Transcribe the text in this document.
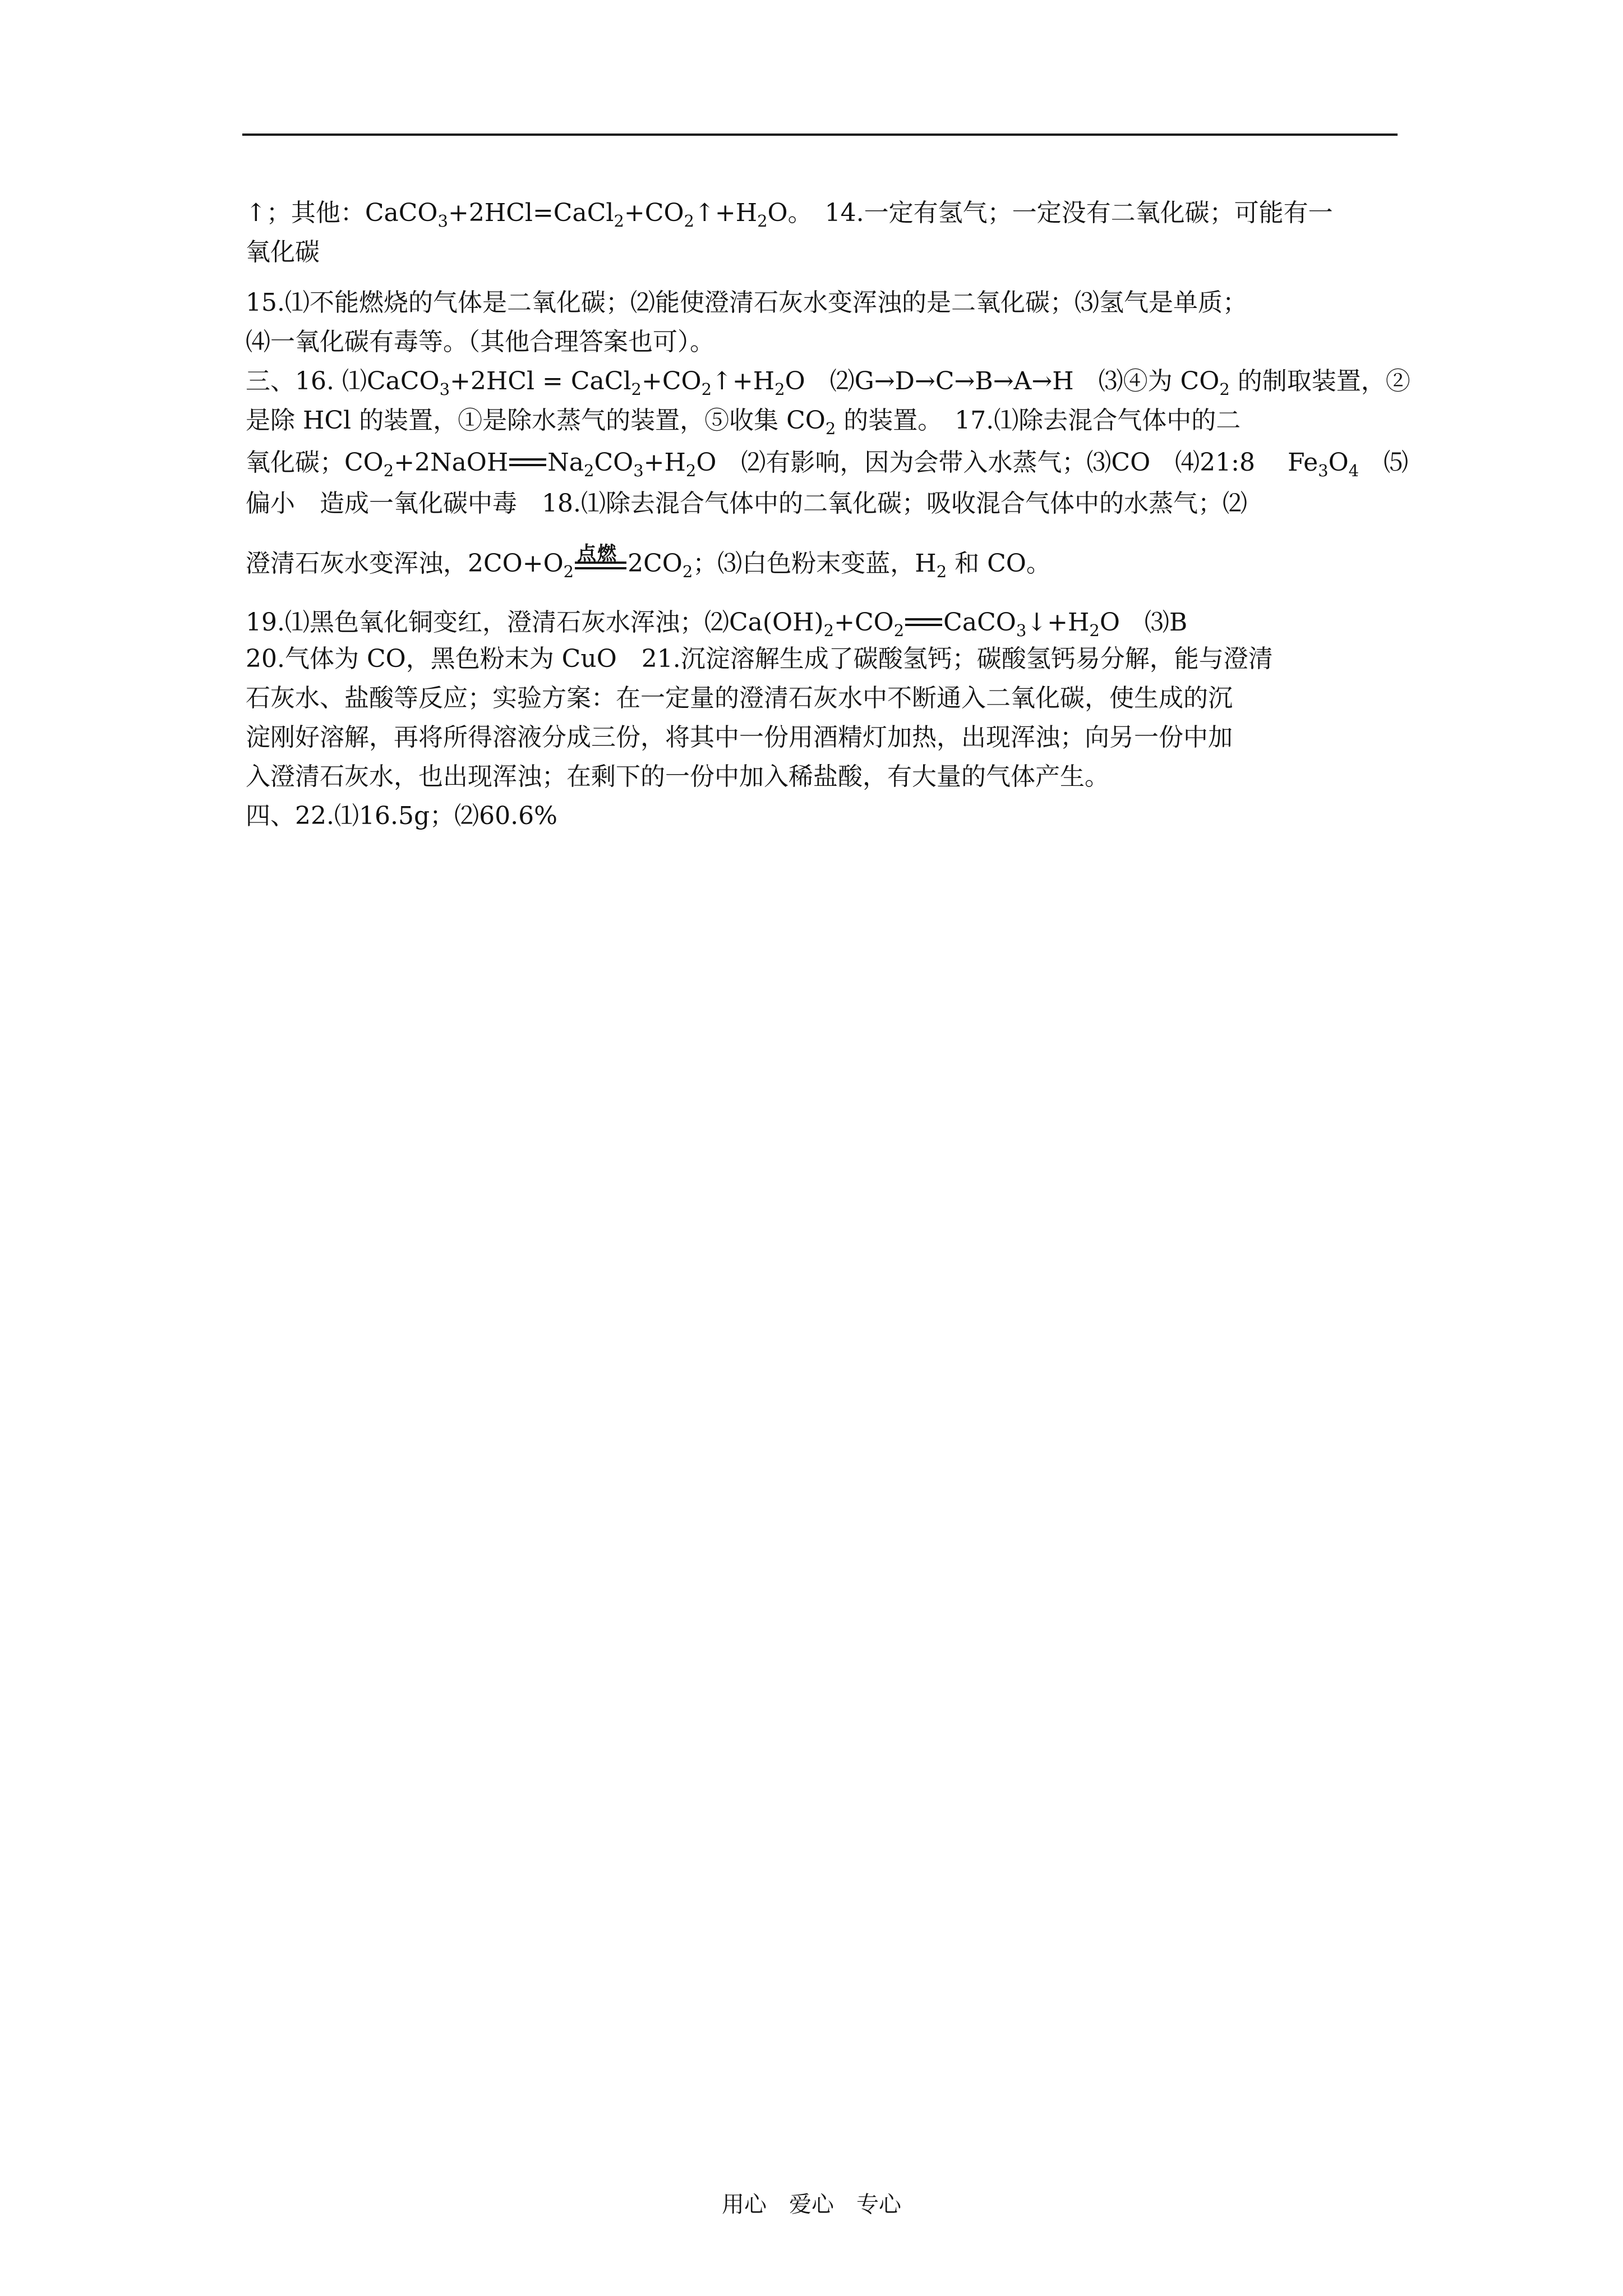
↑；其他：$CaCO_3+2HCl=CaCl_2+CO_2↑+H_2O$。　14.一定有氢气；一定没有二氧化碳；可能有一
氧化碳
15.⑴不能燃烧的气体是二氧化碳；⑵能使澄清石灰水变浑浊的是二氧化碳；⑶氢气是单质；
⑷一氧化碳有毒等。（其他合理答案也可）。
三、16. ⑴CaCO$_3$+2HCl = $CaCl_2+CO_2↑+H_2O$　⑵G→D→C→B→A→H　⑶④为 $CO_2$ 的制取装置，②
是除 HCl 的装置，①是除水蒸气的装置，⑤收集 $CO_2$ 的装置。　17.⑴除去混合气体中的二
氧化碳；$CO_2+2NaOH$ $Na_2CO_3+H_2O$　⑵有影响，因为会带入水蒸气；⑶CO　⑷21:8　 $Fe_3O_4$　⑸
偏小　造成一氧化碳中毒　18.⑴除去混合气体中的二氧化碳；吸收混合气体中的水蒸气；⑵
澄清石灰水变浑浊，$2CO+O_2$
点燃 $2CO_2$；⑶白色粉末变蓝，$H_2$ 和 CO。
19.⑴黑色氧化铜变红，澄清石灰水浑浊；$⑵Ca(OH)_2+CO_2$ $CaCO_3↓+H_2O$　⑶B
20.气体为 CO，黑色粉末为 CuO　21.沉淀溶解生成了碳酸氢钙；碳酸氢钙易分解，能与澄清
石灰水、盐酸等反应；实验方案：在一定量的澄清石灰水中不断通入二氧化碳，使生成的沉
淀刚好溶解，再将所得溶液分成三份，将其中一份用酒精灯加热，出现浑浊；向另一份中加
入澄清石灰水，也出现浑浊；在剩下的一份中加入稀盐酸，有大量的气体产生。
四、22.⑴16.5g；⑵60.6%
用心　爱心　专心
